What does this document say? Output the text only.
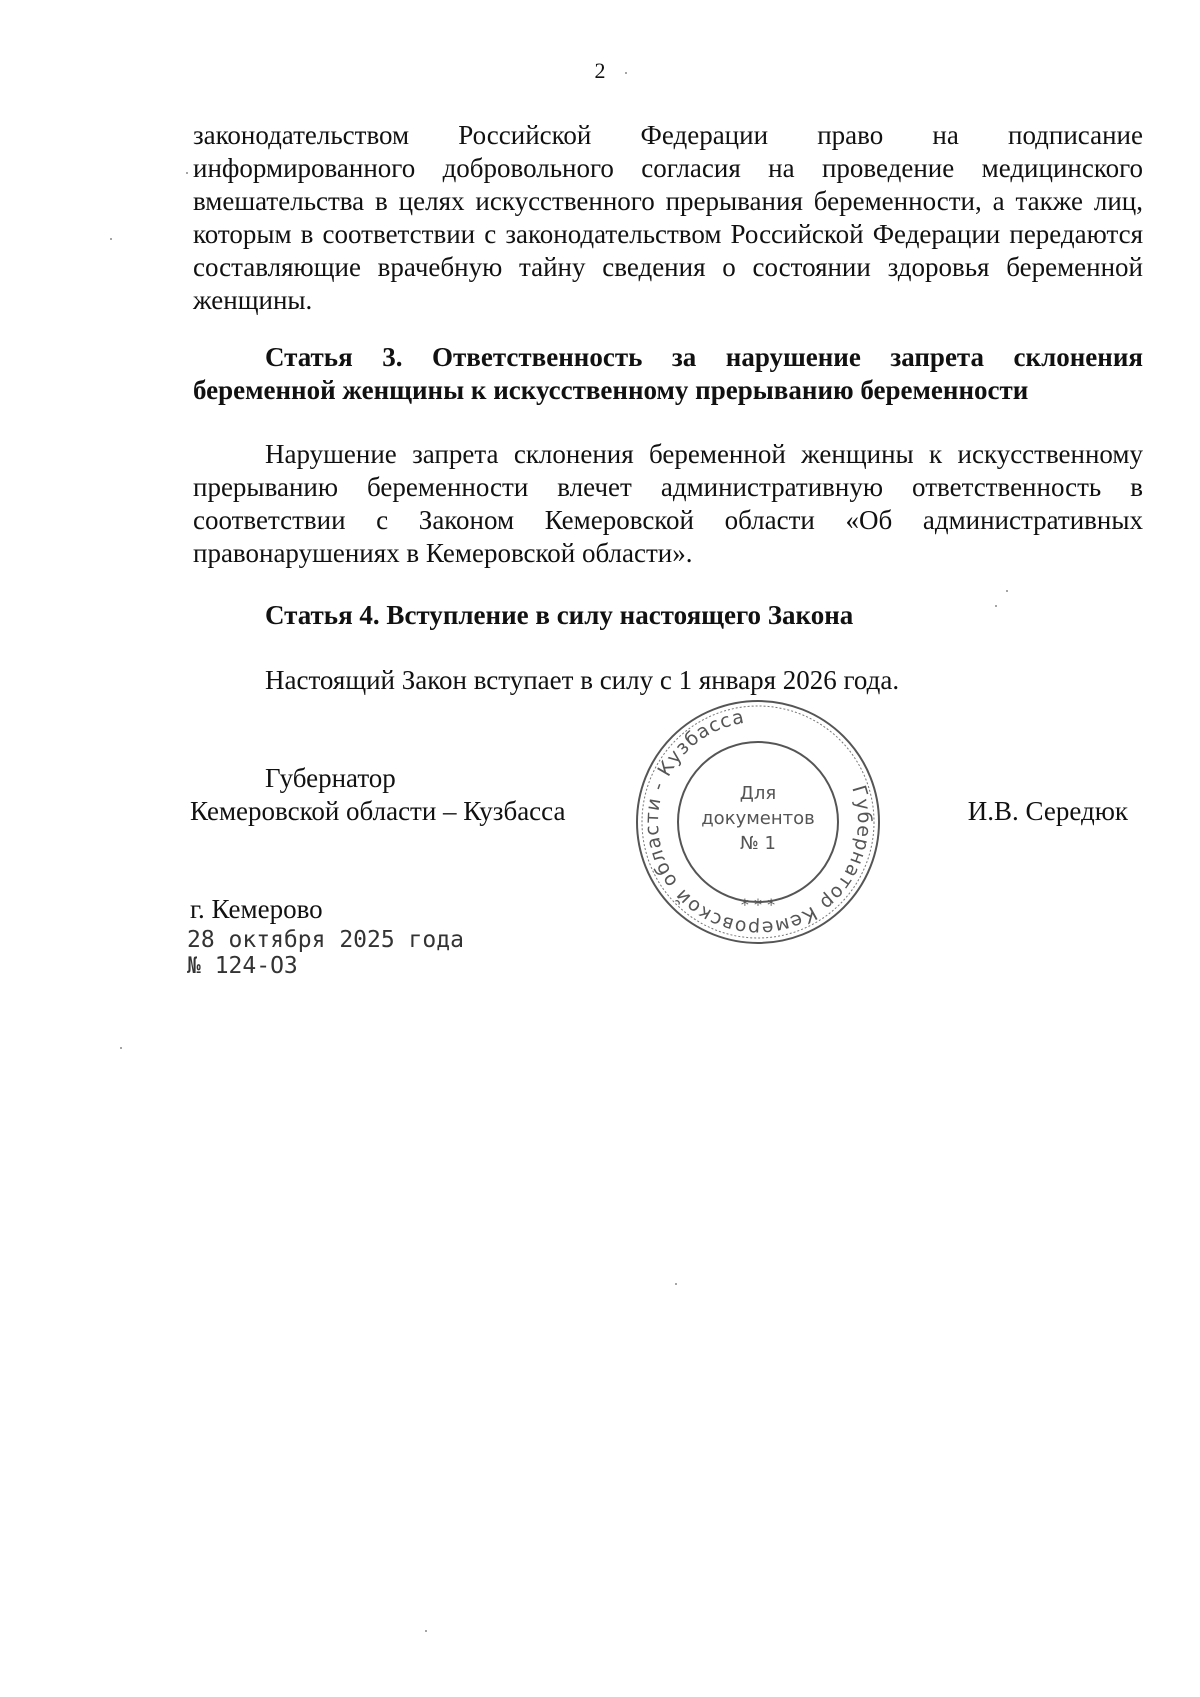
2
законодательством Российской Федерации право на подписание информированного добровольного согласия на проведение медицинского вмешательства в целях искусственного прерывания беременности, а также лиц, которым в соответствии с законодательством Российской Федерации передаются составляющие врачебную тайну сведения о состоянии здоровья беременной женщины.
Статья 3. Ответственность за нарушение запрета склонения беременной женщины к искусственному прерыванию беременности
Нарушение запрета склонения беременной женщины к искусственному прерыванию беременности влечет административную ответственность в соответствии с Законом Кемеровской области «Об административных правонарушениях в Кемеровской области».
Статья 4. Вступление в силу настоящего Закона
Настоящий Закон вступает в силу с 1 января 2026 года.
Губернатор
Кемеровской области – Кузбасса	И.В. Середюк
Губернатор Кемеровской области - Кузбасса
Для
документов
№ 1
* * *
г. Кемерово
28 октября 2025 года
№ 124-ОЗ
